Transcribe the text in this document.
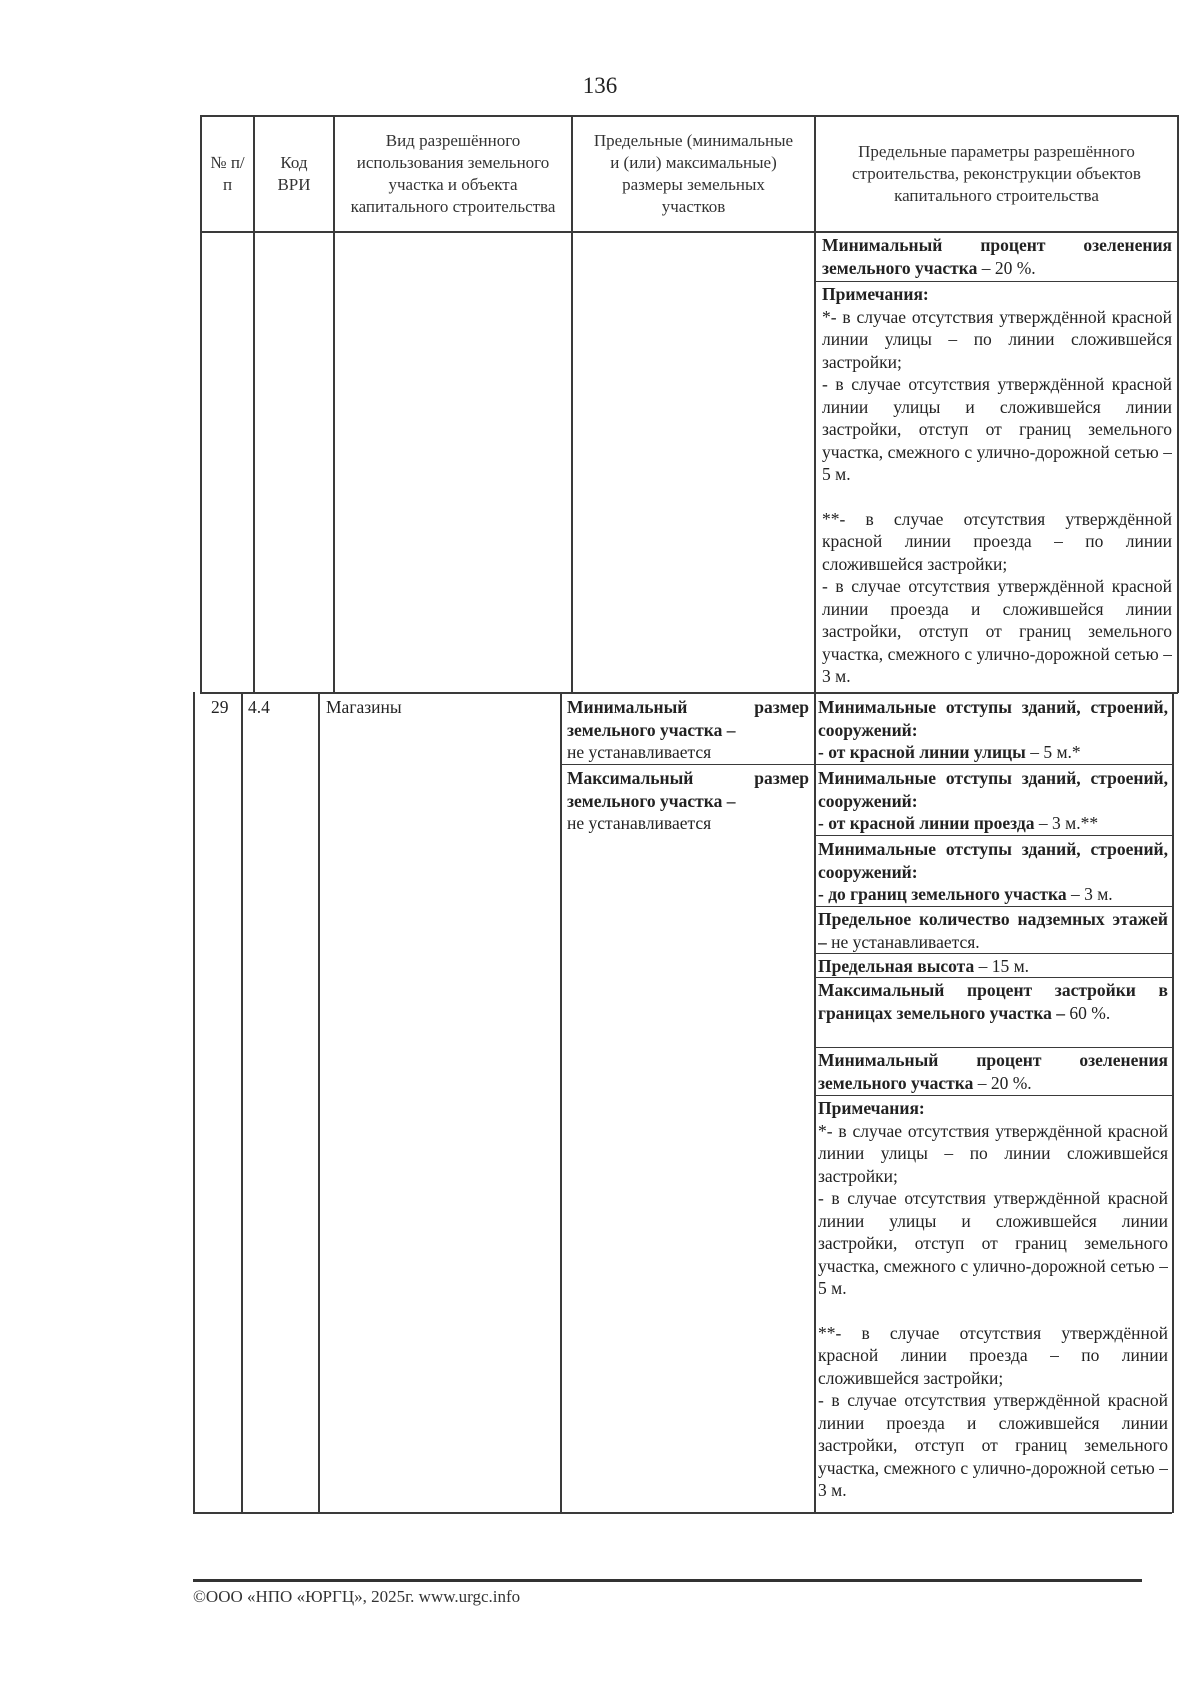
136
№ п/п
Код ВРИ
Вид разрешённого использования земельного участка и объекта капитального строительства
Предельные (минимальные и (или) максимальные) размеры земельных участков
Предельные параметры разрешённого строительства, реконструкции объектов капитального строительства
Минимальный процент озеленения земельного участка – 20 %.

Примечания:

*- в случае отсутствия утверждённой красной линии улицы – по линии сложившейся застройки;

- в случае отсутствия утверждённой красной линии улицы и сложившейся линии застройки, отступ от границ земельного участка, смежного с улично-дорожной сетью – 5 м.

**- в случае отсутствия утверждённой красной линии проезда – по линии сложившейся застройки;

- в случае отсутствия утверждённой красной линии проезда и сложившейся линии застройки, отступ от границ земельного участка, смежного с улично-дорожной сетью – 3 м.

29 4.4	Магазины	Минимальный размер земельного участка –
не устанавливается
Максимальный размер земельного участка –
не устанавливается
Минимальные отступы зданий, строений, сооружений:
- от красной линии улицы – 5 м.*
Минимальные отступы зданий, строений, сооружений:
- от красной линии проезда – 3 м.**
Минимальные отступы зданий, строений, сооружений:
- до границ земельного участка – 3 м.
Предельное количество надземных этажей – не устанавливается.
Предельная высота – 15 м.
Максимальный процент застройки в границах земельного участка – 60 %.
Минимальный процент озеленения земельного участка – 20 %.

Примечания:

*- в случае отсутствия утверждённой красной линии улицы – по линии сложившейся застройки;

- в случае отсутствия утверждённой красной линии улицы и сложившейся линии застройки, отступ от границ земельного участка, смежного с улично-дорожной сетью – 5 м.

**- в случае отсутствия утверждённой красной линии проезда – по линии сложившейся застройки;

- в случае отсутствия утверждённой красной линии проезда и сложившейся линии застройки, отступ от границ земельного участка, смежного с улично-дорожной сетью – 3 м.

©ООО «НПО «ЮРГЦ», 2025г. www.urgc.info
